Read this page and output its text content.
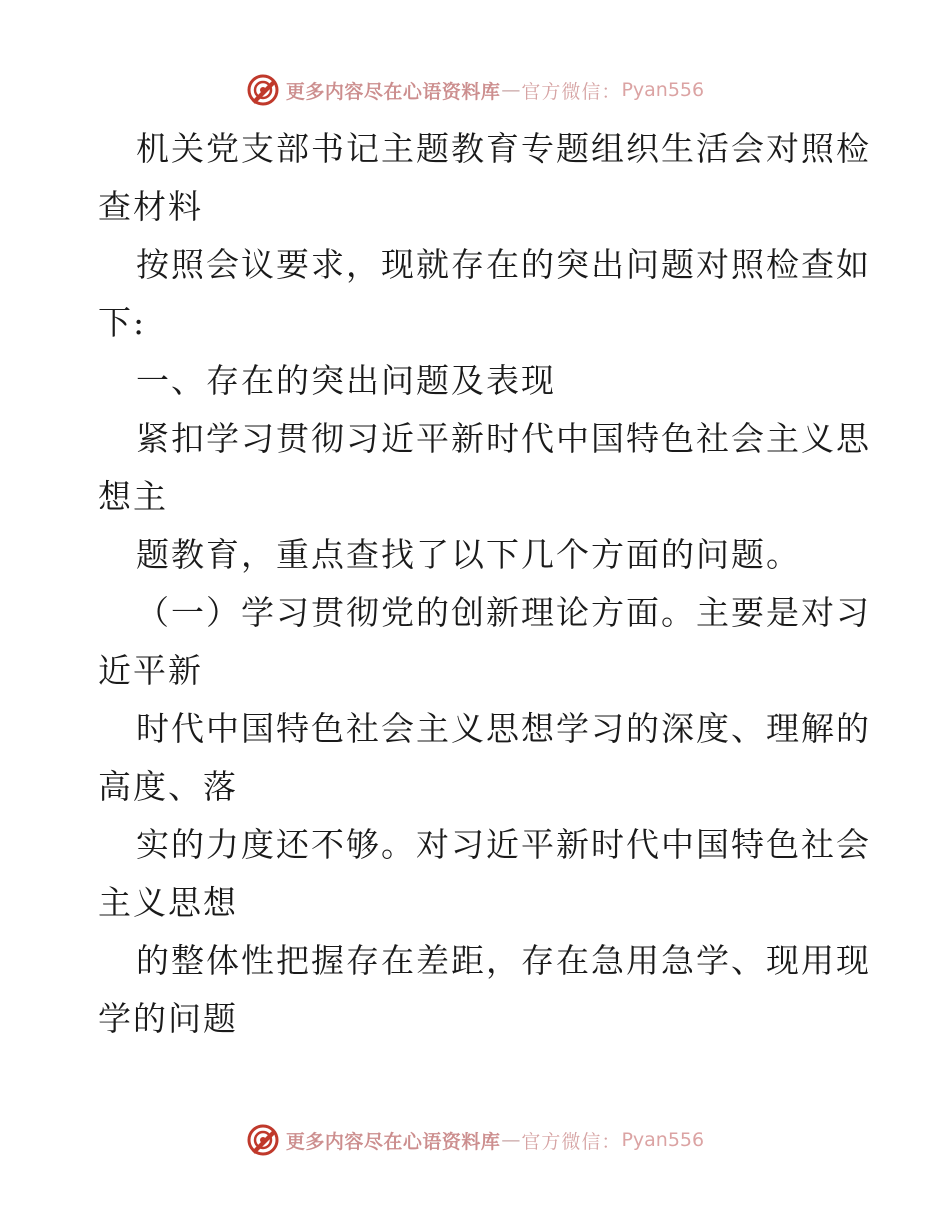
更多内容尽在心语资料库 — 官方微信： Pyan556
机关党支部书记主题教育专题组织生活会对照检
查材料
按照会议要求，现就存在的突出问题对照检查如
下:
一、存在的突出问题及表现
紧扣学习贯彻习近平新时代中国特色社会主义思
想主
题教育，重点查找了以下几个方面的问题。
（一）学习贯彻党的创新理论方面。主要是对习
近平新
时代中国特色社会主义思想学习的深度、理解的
高度、落
实的力度还不够。对习近平新时代中国特色社会
主义思想
的整体性把握存在差距，存在急用急学、现用现
学的问题
更多内容尽在心语资料库 — 官方微信： Pyan556
